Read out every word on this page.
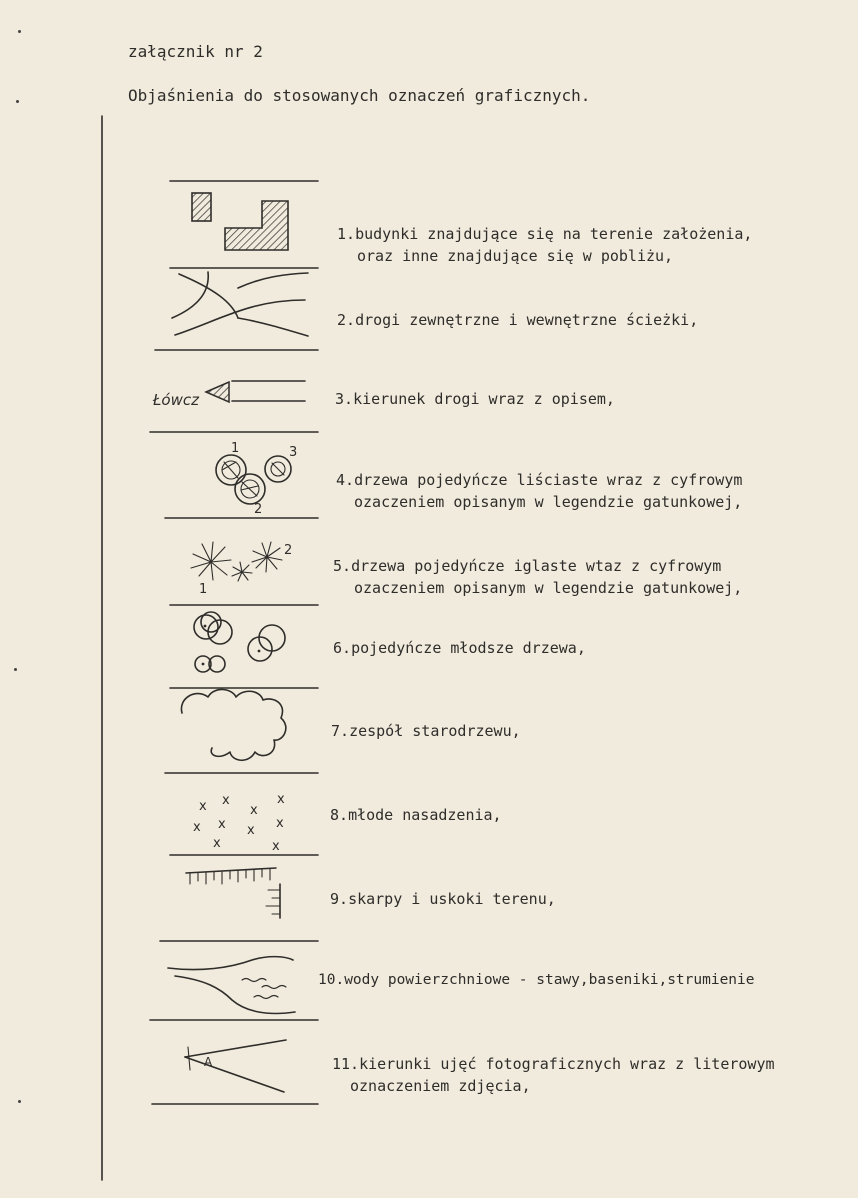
załącznik nr 2
Objaśnienia do stosowanych oznaczeń graficznych.
Łówcz
1	3
2
2
1
x x
x
x
x x x x
x	x
A
1.budynki znajdujące się na terenie założenia,
oraz inne znajdujące się w pobliżu,
2.drogi zewnętrzne i wewnętrzne ścieżki,
3.kierunek drogi wraz z opisem,
4.drzewa pojedyńcze liściaste wraz z cyfrowym
ozaczeniem opisanym w legendzie gatunkowej,
5.drzewa pojedyńcze iglaste wtaz z cyfrowym
ozaczeniem opisanym w legendzie gatunkowej,
6.pojedyńcze młodsze drzewa,
7.zespół starodrzewu,
8.młode nasadzenia,
9.skarpy i uskoki terenu,
10.wody powierzchniowe - stawy,baseniki,strumienie
11.kierunki ujęć fotograficznych wraz z literowym
oznaczeniem zdjęcia,
